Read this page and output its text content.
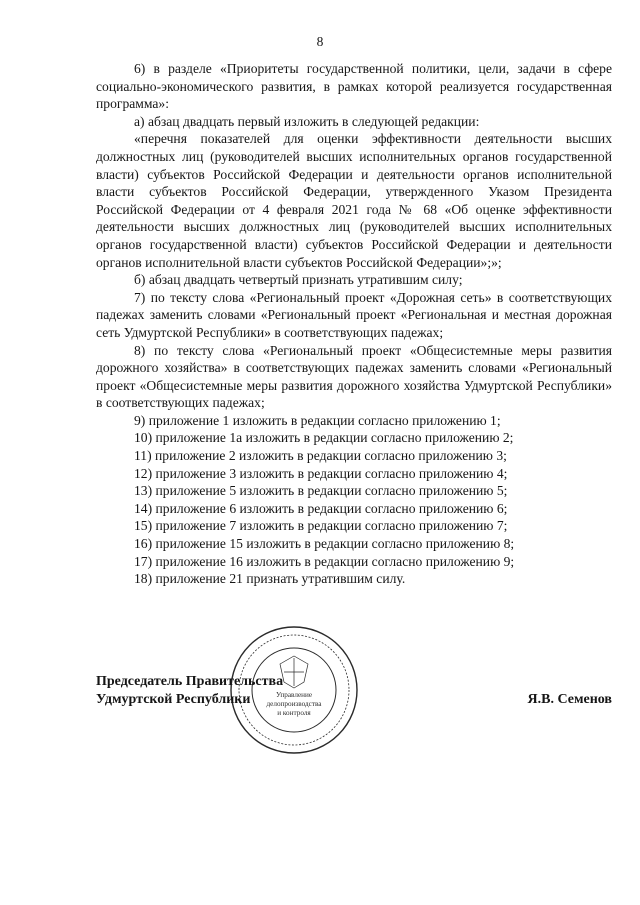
8

6) в разделе «Приоритеты государственной политики, цели, задачи в сфере социально-экономического развития, в рамках которой реализуется государственная программа»:

а) абзац двадцать первый изложить в следующей редакции:

«перечня показателей для оценки эффективности деятельности высших должностных лиц (руководителей высших исполнительных органов государственной власти) субъектов Российской Федерации и деятельности органов исполнительной власти субъектов Российской Федерации, утвержденного Указом Президента Российской Федерации от 4 февраля 2021 года № 68 «Об оценке эффективности деятельности высших должностных лиц (руководителей высших исполнительных органов государственной власти) субъектов Российской Федерации и деятельности органов исполнительной власти субъектов Российской Федерации»;»;

б) абзац двадцать четвертый признать утратившим силу;

7) по тексту слова «Региональный проект «Дорожная сеть» в соответствующих падежах заменить словами «Региональный проект «Региональная и местная дорожная сеть Удмуртской Республики» в соответствующих падежах;

8) по тексту слова «Региональный проект «Общесистемные меры развития дорожного хозяйства» в соответствующих падежах заменить словами «Региональный проект «Общесистемные меры развития дорожного хозяйства Удмуртской Республики» в соответствующих падежах;

9) приложение 1 изложить в редакции согласно приложению 1;

10) приложение 1а изложить в редакции согласно приложению 2;

11) приложение 2 изложить в редакции согласно приложению 3;

12) приложение 3 изложить в редакции согласно приложению 4;

13) приложение 5 изложить в редакции согласно приложению 5;

14) приложение 6 изложить в редакции согласно приложению 6;

15) приложение 7 изложить в редакции согласно приложению 7;

16) приложение 15 изложить в редакции согласно приложению 8;

17) приложение 16 изложить в редакции согласно приложению 9;

18) приложение 21 признать утратившим силу.

Управление
делопроизводства
и контроля
Председатель Правительства
Удмуртской Республики	Я.В. Семенов
